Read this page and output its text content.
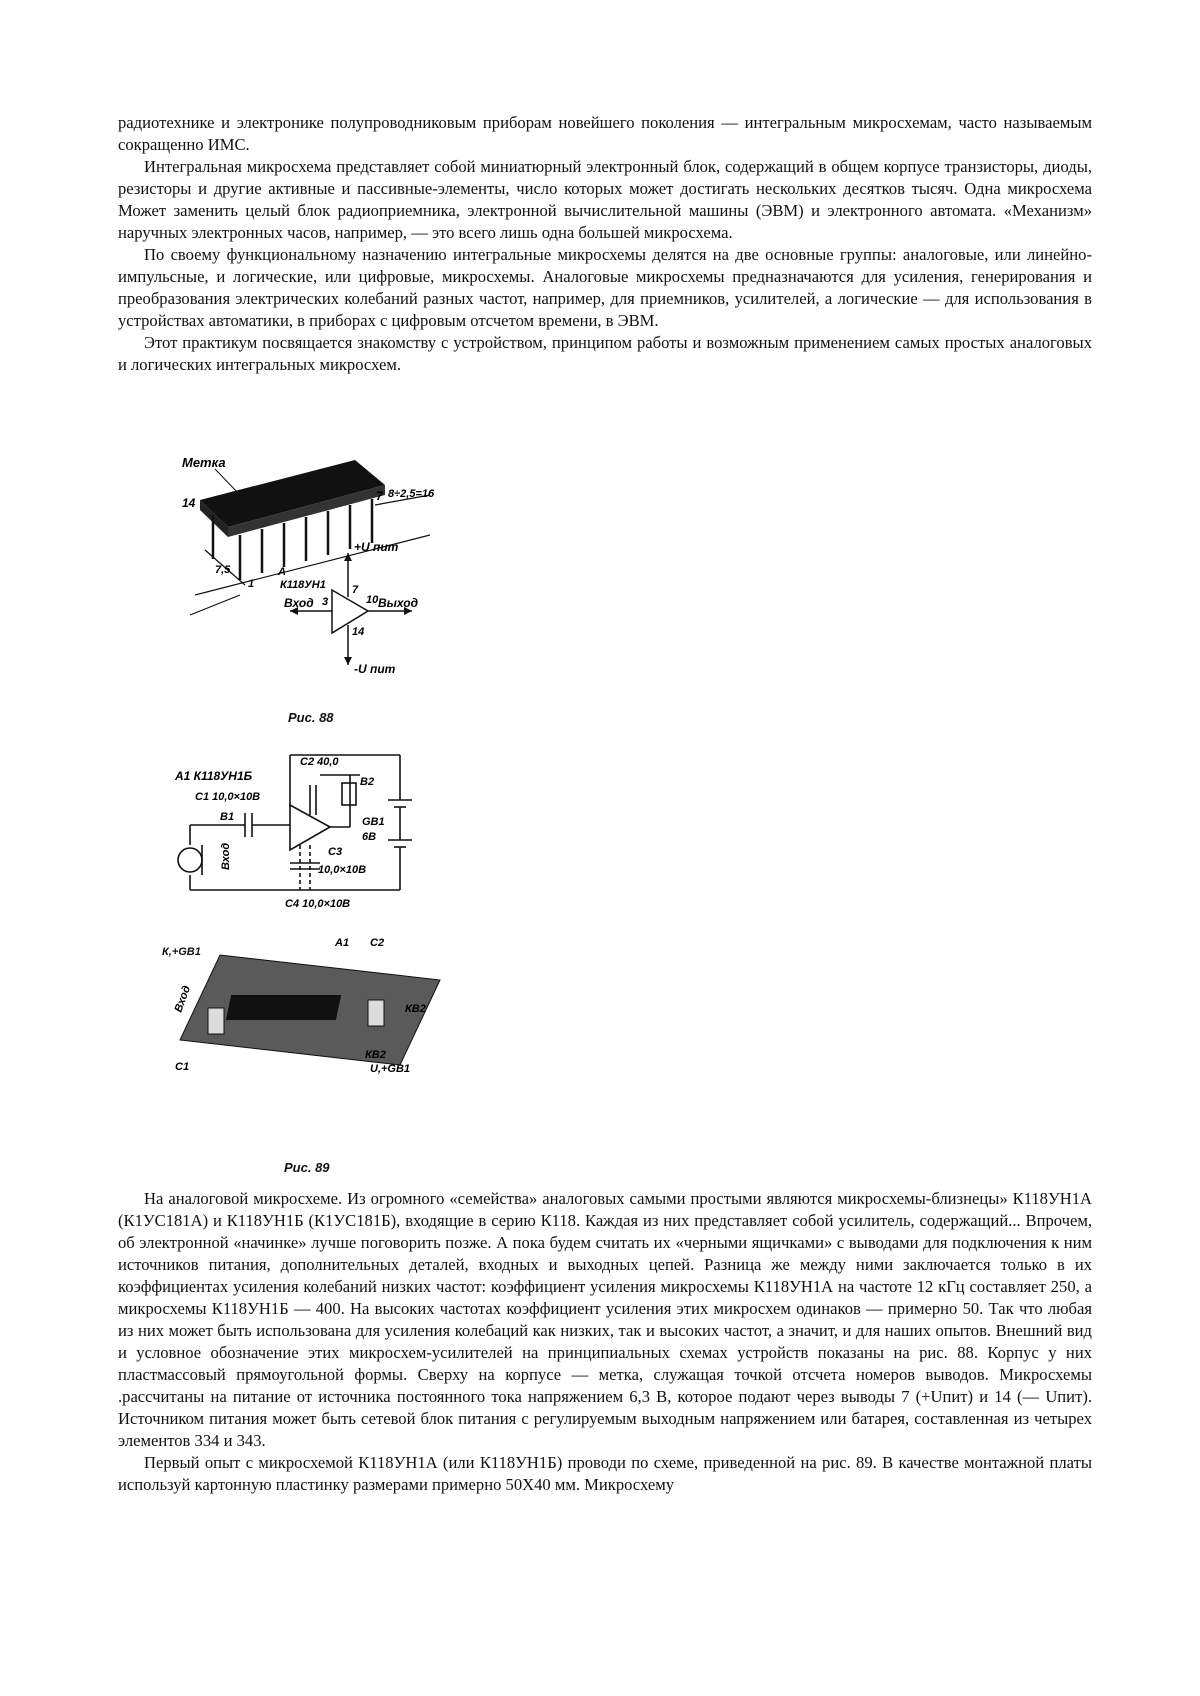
радиотехнике и электронике полупроводниковым приборам новейшего поколения — интегральным микросхемам, часто называемым сокращенно ИМС.

Интегральная микросхема представляет собой миниатюрный электронный блок, содержащий в общем корпусе транзисторы, диоды, резисторы и другие активные и пассивные-элементы, число которых может достигать нескольких десятков тысяч. Одна микросхема Может заменить целый блок радиоприемника, электронной вычислительной машины (ЭВМ) и электронного автомата. «Механизм» наручных электронных часов, например, — это всего лишь одна большей микросхема.

По своему функциональному назначению интегральные микросхемы делятся на две основные группы: аналоговые, или линейно-импульсные, и логические, или цифровые, микросхемы. Аналоговые микросхемы предназначаются для усиления, генерирования и преобразования электрических колебаний разных частот, например, для приемников, усилителей, а логические — для использования в устройствах автоматики, в приборах с цифровым отсчетом времени, в ЭВМ.

Этот практикум посвящается знакомству с устройством, принципом работы и возможным применением самых простых аналоговых и логических интегральных микросхем.

Метка
14	7
7,5
8÷2,5=16
1
А
К118УН1
Вход	Выход
3	10
7
14
+U пит
-U пит
Рис. 88
А1 К118УН1Б
С1 10,0×10В
С2 40,0
В1
Вход
В2
GB1
6В
С3
10,0×10В
С4 10,0×10В
К,+GB1
А1 С2
КВ2
КВ2
U,+GB1
С1
Вход
Рис. 89

На аналоговой микросхеме. Из огромного «семейства» аналоговых самыми простыми являются микросхемы-близнецы» К118УН1А (К1УС181А) и К118УН1Б (К1УС181Б), входящие в серию К118. Каждая из них представляет собой усилитель, содержащий... Впрочем, об электронной «начинке» лучше поговорить позже. А пока будем считать их «черными ящичками» с выводами для подключения к ним источников питания, дополнительных деталей, входных и выходных цепей. Разница же между ними заключается только в их коэффициентах усиления колебаний низких частот: коэффициент усиления микросхемы К118УН1А на частоте 12 кГц составляет 250, а микросхемы К118УН1Б — 400. На высоких частотах коэффициент усиления этих микросхем одинаков — примерно 50. Так что любая из них может быть использована для усиления колебаций как низких, так и высоких частот, а значит, и для наших опытов. Внешний вид и условное обозначение этих микросхем-усилителей на принципиальных схемах устройств показаны на рис. 88. Корпус у них пластмассовый прямоугольной формы. Сверху на корпусе — метка, служащая точкой отсчета номеров выводов. Микросхемы .рассчитаны на питание от источника постоянного тока напряжением 6,3 В, которое подают через выводы 7 (+Uпит) и 14 (— Uпит). Источником питания может быть сетевой блок питания с регулируемым выходным напряжением или батарея, составленная из четырех элементов 334 и 343.

Первый опыт с микросхемой К118УН1А (или К118УН1Б) проводи по схеме, приведенной на рис. 89. В качестве монтажной платы используй картонную пластинку размерами примерно 50Х40 мм. Микросхему
